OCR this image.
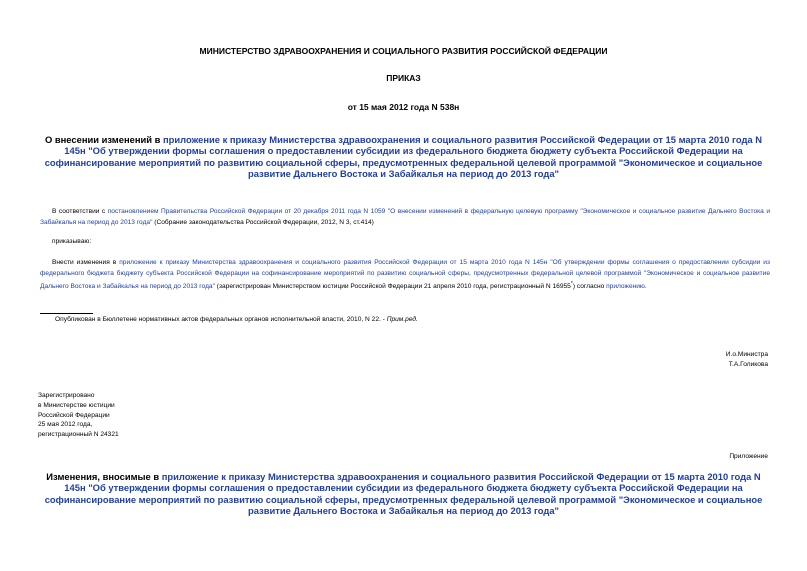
МИНИСТЕРСТВО ЗДРАВООХРАНЕНИЯ И СОЦИАЛЬНОГО РАЗВИТИЯ РОССИЙСКОЙ ФЕДЕРАЦИИ
ПРИКАЗ
от 15 мая 2012 года N 538н
О внесении изменений в приложение к приказу Министерства здравоохранения и социального развития Российской Федерации от 15 марта 2010 года N 145н "Об утверждении формы соглашения о предоставлении субсидии из федерального бюджета бюджету субъекта Российской Федерации на софинансирование мероприятий по развитию социальной сферы, предусмотренных федеральной целевой программой "Экономическое и социальное развитие Дальнего Востока и Забайкалья на период до 2013 года"
В соответствии с постановлением Правительства Российской Федерации от 20 декабря 2011 года N 1059 "О внесении изменений в федеральную целевую программу "Экономическое и социальное развитие Дальнего Востока и Забайкалья на период до 2013 года" (Собрание законодательства Российской Федерации, 2012, N 3, ст.414)
приказываю:
Внести изменения в приложение к приказу Министерства здравоохранения и социального развития Российской Федерации от 15 марта 2010 года N 145н "Об утверждении формы соглашения о предоставлении субсидии из федерального бюджета бюджету субъекта Российской Федерации на софинансирование мероприятий по развитию социальной сферы, предусмотренных федеральной целевой программой "Экономическое и социальное развитие Дальнего Востока и Забайкалья на период до 2013 года" (зарегистрирован Министерством юстиции Российской Федерации 21 апреля 2010 года, регистрационный N 16955*) согласно приложению.
Опубликован в Бюллетене нормативных актов федеральных органов исполнительной власти, 2010, N 22. - Прим.ред.
И.о.Министра
Т.А.Голикова
Зарегистрировано
в Министерстве юстиции
Российской Федерации
25 мая 2012 года,
регистрационный N 24321
Приложение
Изменения, вносимые в приложение к приказу Министерства здравоохранения и социального развития Российской Федерации от 15 марта 2010 года N 145н "Об утверждении формы соглашения о предоставлении субсидии из федерального бюджета бюджету субъекта Российской Федерации на софинансирование мероприятий по развитию социальной сферы, предусмотренных федеральной целевой программой "Экономическое и социальное развитие Дальнего Востока и Забайкалья на период до 2013 года"
